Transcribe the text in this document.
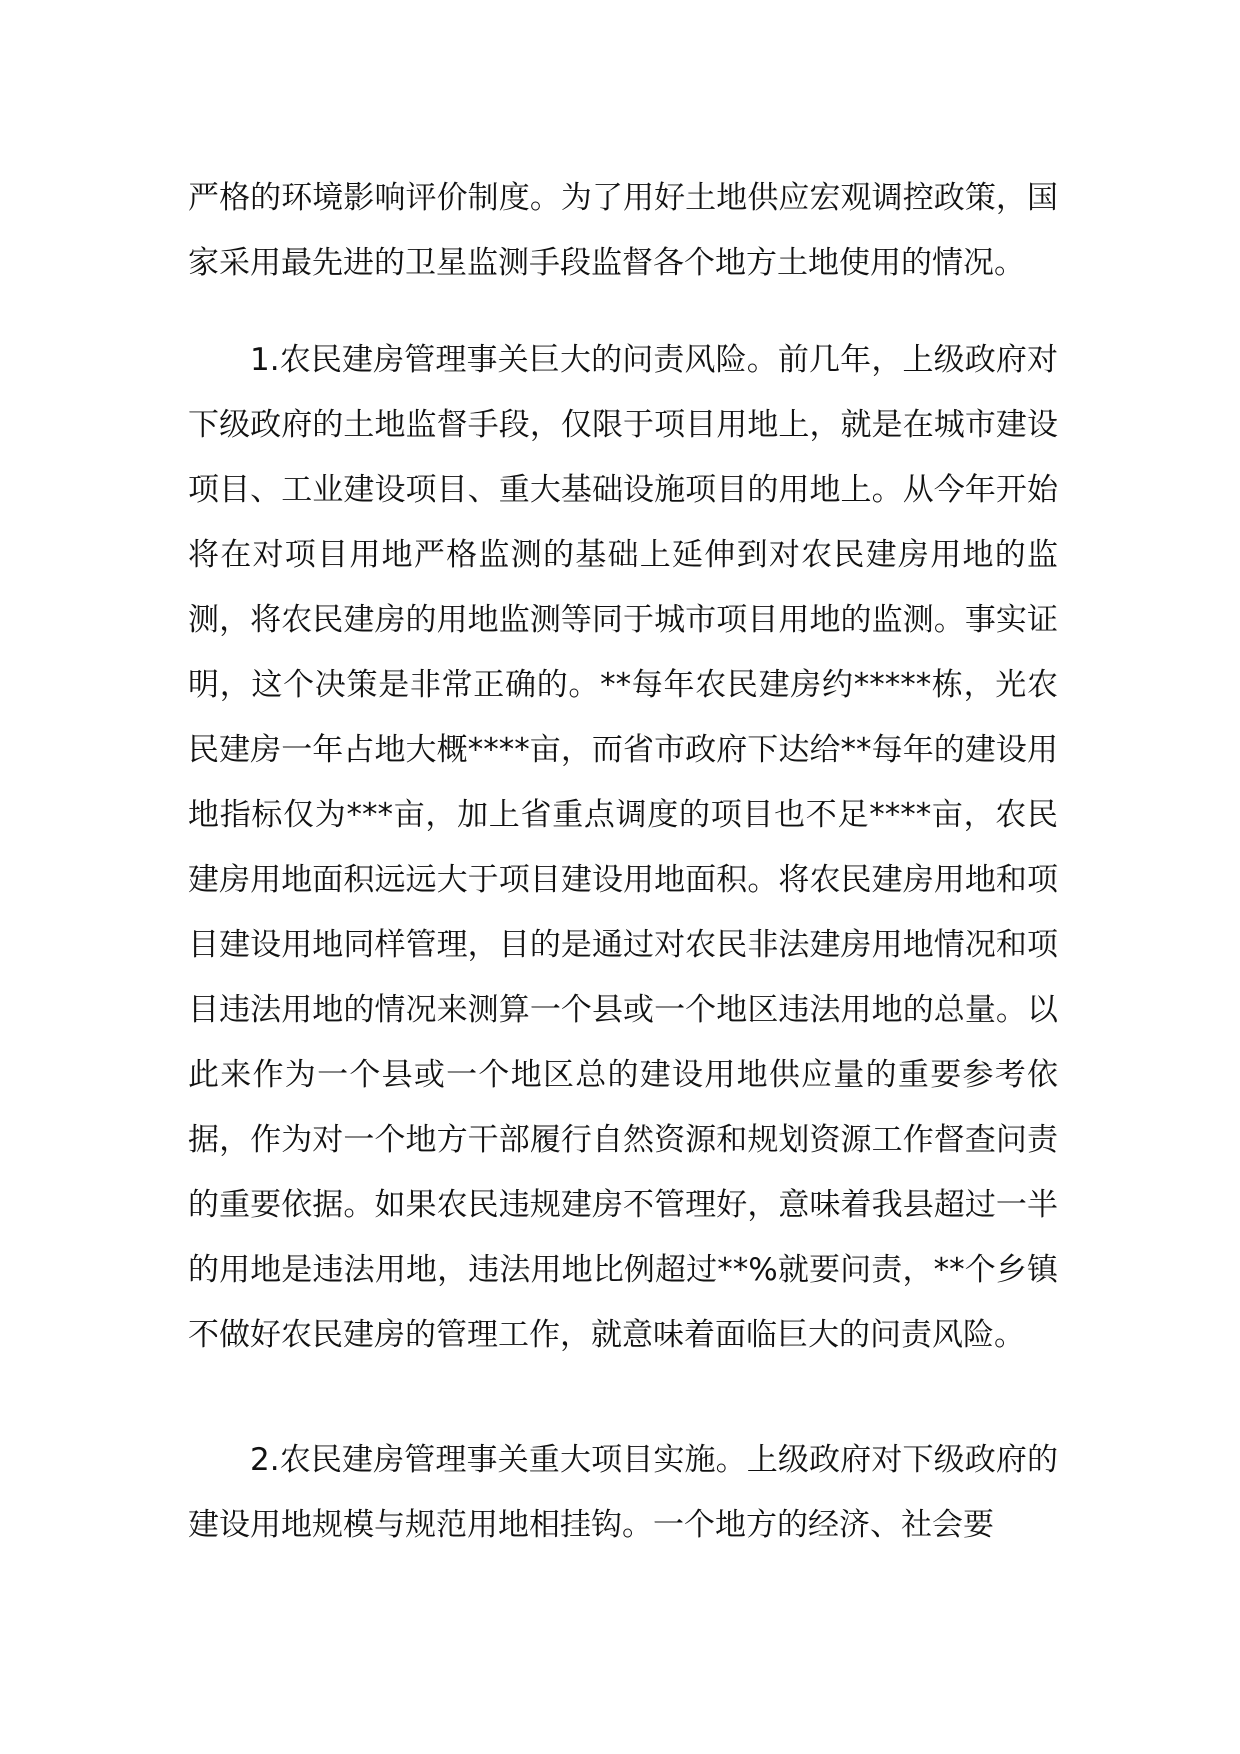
严格的环境影响评价制度。为了用好土地供应宏观调控政策，国家采用最先进的卫星监测手段监督各个地方土地使用的情况。

1.农民建房管理事关巨大的问责风险。前几年，上级政府对下级政府的土地监督手段，仅限于项目用地上，就是在城市建设项目、工业建设项目、重大基础设施项目的用地上。从今年开始将在对项目用地严格监测的基础上延伸到对农民建房用地的监测，将农民建房的用地监测等同于城市项目用地的监测。事实证明，这个决策是非常正确的。**每年农民建房约*****栋，光农民建房一年占地大概****亩，而省市政府下达给**每年的建设用地指标仅为***亩，加上省重点调度的项目也不足****亩，农民建房用地面积远远大于项目建设用地面积。将农民建房用地和项目建设用地同样管理，目的是通过对农民非法建房用地情况和项目违法用地的情况来测算一个县或一个地区违法用地的总量。以此来作为一个县或一个地区总的建设用地供应量的重要参考依据，作为对一个地方干部履行自然资源和规划资源工作督查问责的重要依据。如果农民违规建房不管理好，意味着我县超过一半的用地是违法用地，违法用地比例超过**%就要问责，**个乡镇不做好农民建房的管理工作，就意味着面临巨大的问责风险。

2.农民建房管理事关重大项目实施。上级政府对下级政府的建设用地规模与规范用地相挂钩。一个地方的经济、社会要
